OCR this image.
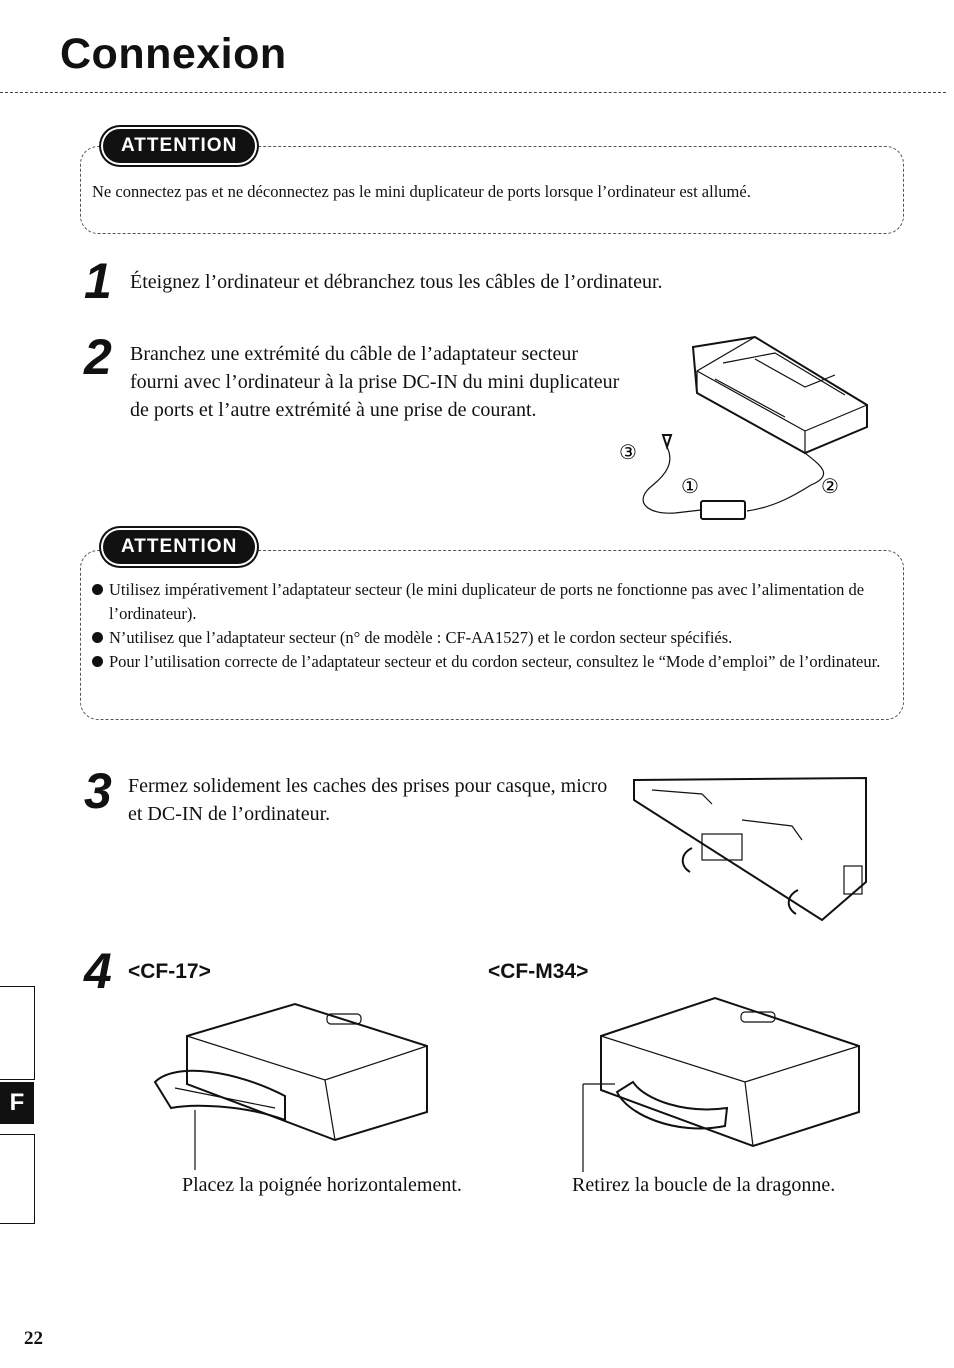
Connexion
ATTENTION
Ne connectez pas et ne déconnectez pas le mini duplicateur de ports lorsque l’ordinateur est allumé.
1 Éteignez l’ordinateur et débranchez tous les câbles de l’ordinateur.
2 Branchez une extrémité du câble de l’adaptateur secteur fourni avec l’ordinateur à la prise DC-IN du mini duplicateur de ports et l’autre extrémité à une prise de courant.
③
①	②
ATTENTION
Utilisez impérativement l’adaptateur secteur (le mini duplicateur de ports ne fonctionne pas avec l’alimentation de l’ordinateur).
N’utilisez que l’adaptateur secteur (n° de modèle : CF-AA1527) et le cordon secteur spécifiés.
Pour l’utilisation correcte de l’adaptateur secteur et du cordon secteur, consultez le “Mode d’emploi” de l’ordinateur.
3 Fermez solidement les caches des prises pour casque, micro et DC-IN de l’ordinateur.
4 <CF-17>	<CF-M34>
Placez la poignée horizontalement.	Retirez la boucle de la dragonne.
F
22
